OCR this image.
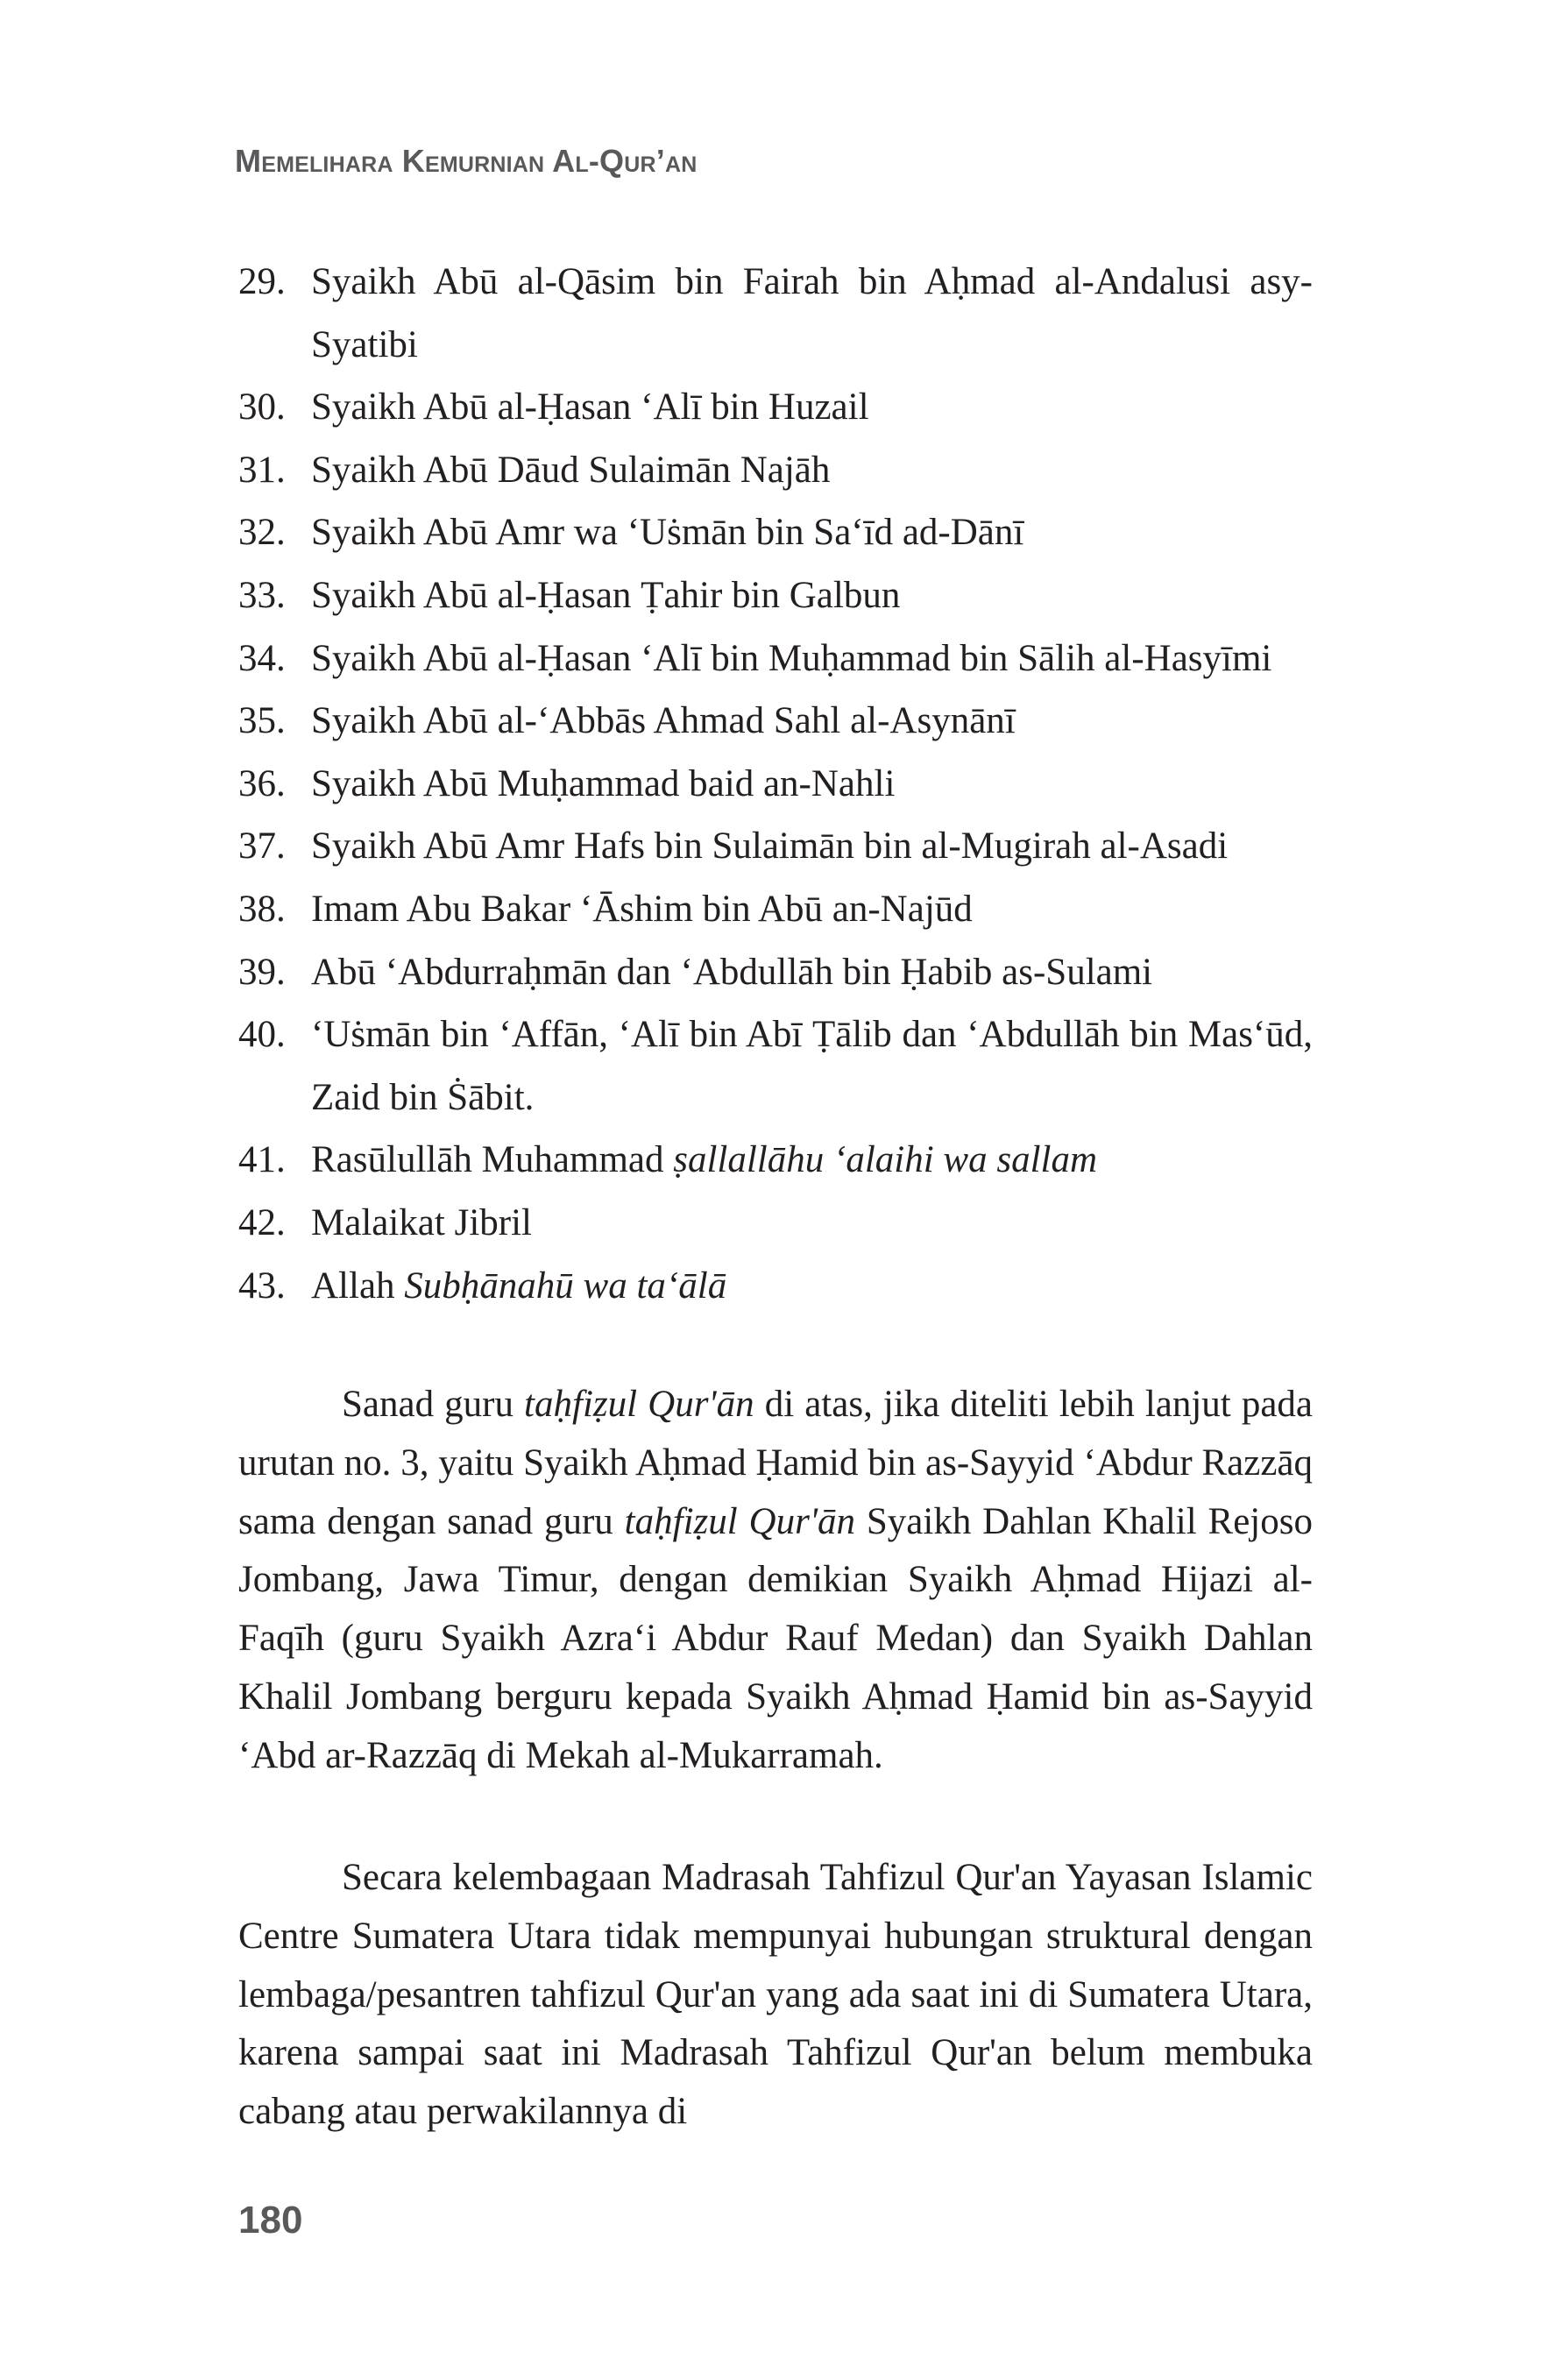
Memelihara Kemurnian Al-Qur’an
29. Syaikh Abū al-Qāsim bin Fairah bin Aḥmad al-Andalusi asy-Syatibi
30. Syaikh Abū al-Ḥasan ‘Alī bin Huzail
31. Syaikh Abū Dāud Sulaimān Najāh
32. Syaikh Abū Amr wa ‘Uṡmān bin Sa‘īd ad-Dānī
33. Syaikh Abū al-Ḥasan Ṭahir bin Galbun
34. Syaikh Abū al-Ḥasan ‘Alī bin Muḥammad bin Sālih al-Hasyīmi
35. Syaikh Abū al-‘Abbās Ahmad Sahl al-Asynānī
36. Syaikh Abū Muḥammad baid an-Nahli
37. Syaikh Abū Amr Hafs bin Sulaimān bin al-Mugirah al-Asadi
38. Imam Abu Bakar ‘Āshim bin Abū an-Najūd
39. Abū ‘Abdurraḥmān dan ‘Abdullāh bin Ḥabib as-Sulami
40. ‘Uṡmān bin ‘Affān, ‘Alī bin Abī Ṭālib dan ‘Abdullāh bin Mas‘ūd, Zaid bin Ṡābit.
41. Rasūlullāh Muhammad ṣallallāhu ‘alaihi wa sallam
42. Malaikat Jibril
43. Allah Subḥānahū wa ta‘ālā

Sanad guru taḥfiẓul Qur'ān di atas, jika diteliti lebih lanjut pada urutan no. 3, yaitu Syaikh Aḥmad Ḥamid bin as-Sayyid ‘Abdur Razzāq sama dengan sanad guru taḥfiẓul Qur'ān Syaikh Dahlan Khalil Rejoso Jombang, Jawa Timur, dengan demikian Syaikh Aḥmad Hijazi al-Faqīh (guru Syaikh Azra‘i Abdur Rauf Medan) dan Syaikh Dahlan Khalil Jombang berguru kepada Syaikh Aḥmad Ḥamid bin as-Sayyid ‘Abd ar-Razzāq di Mekah al-Mukarramah.

Secara kelembagaan Madrasah Tahfizul Qur'an Yayasan Islamic Centre Sumatera Utara tidak mempunyai hubungan struktural dengan lembaga/pesantren tahfizul Qur'an yang ada saat ini di Sumatera Utara, karena sampai saat ini Madrasah Tahfizul Qur'an belum membuka cabang atau perwakilannya di

180
